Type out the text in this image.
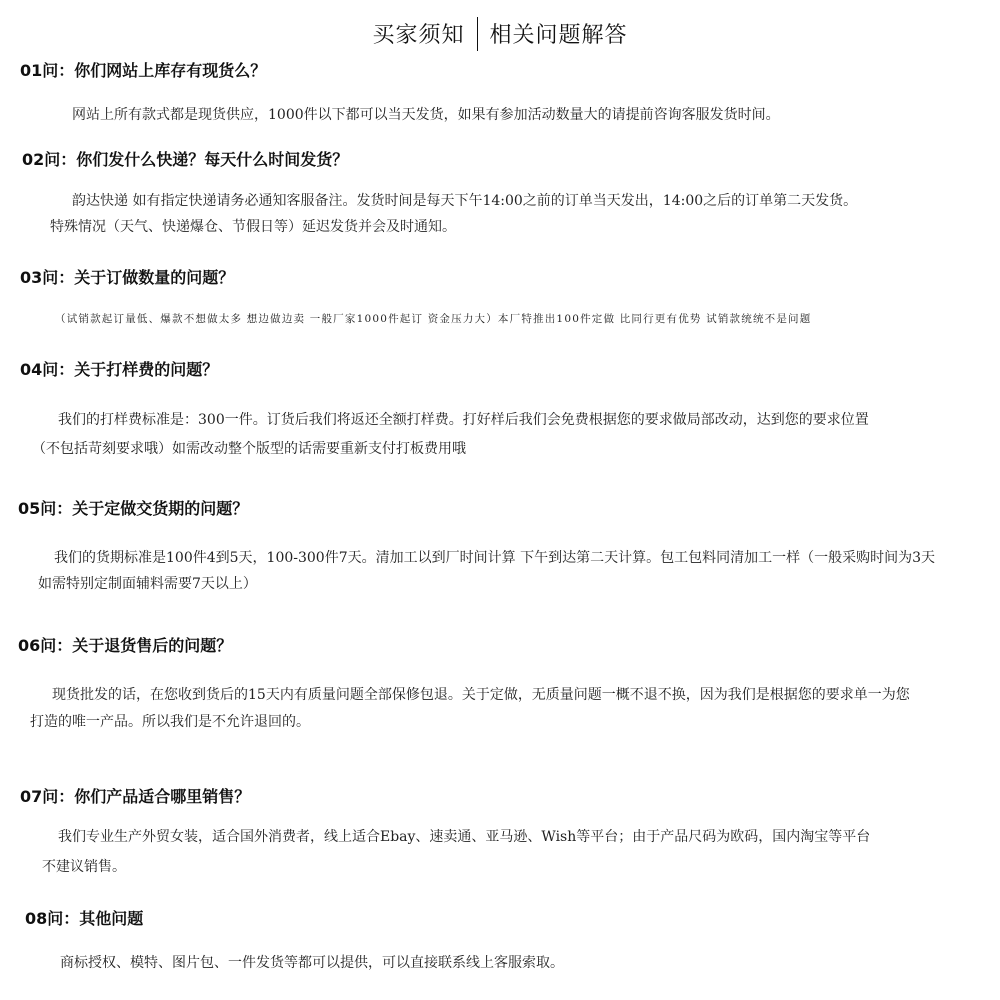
买家须知 相关问题解答
01问：你们网站上库存有现货么？
网站上所有款式都是现货供应，1000件以下都可以当天发货，如果有参加活动数量大的请提前咨询客服发货时间。
02问：你们发什么快递？每天什么时间发货？
韵达快递 如有指定快递请务必通知客服备注。发货时间是每天下午14:00之前的订单当天发出，14:00之后的订单第二天发货。
特殊情况（天气、快递爆仓、节假日等）延迟发货并会及时通知。
03问：关于订做数量的问题？
（试销款起订量低、爆款不想做太多 想边做边卖 一般厂家1000件起订 资金压力大）本厂特推出100件定做 比同行更有优势 试销款统统不是问题
04问：关于打样费的问题？
我们的打样费标准是：300一件。订货后我们将返还全额打样费。打好样后我们会免费根据您的要求做局部改动，达到您的要求位置
（不包括苛刻要求哦）如需改动整个版型的话需要重新支付打板费用哦
05问：关于定做交货期的问题？
我们的货期标准是100件4到5天，100-300件7天。清加工以到厂时间计算 下午到达第二天计算。包工包料同清加工一样（一般采购时间为3天
如需特别定制面辅料需要7天以上）
06问：关于退货售后的问题？
现货批发的话，在您收到货后的15天内有质量问题全部保修包退。关于定做，无质量问题一概不退不换，因为我们是根据您的要求单一为您
打造的唯一产品。所以我们是不允许退回的。
07问：你们产品适合哪里销售？
我们专业生产外贸女装，适合国外消费者，线上适合Ebay、速卖通、亚马逊、Wish等平台；由于产品尺码为欧码，国内淘宝等平台
不建议销售。
08问：其他问题
商标授权、模特、图片包、一件发货等都可以提供，可以直接联系线上客服索取。
